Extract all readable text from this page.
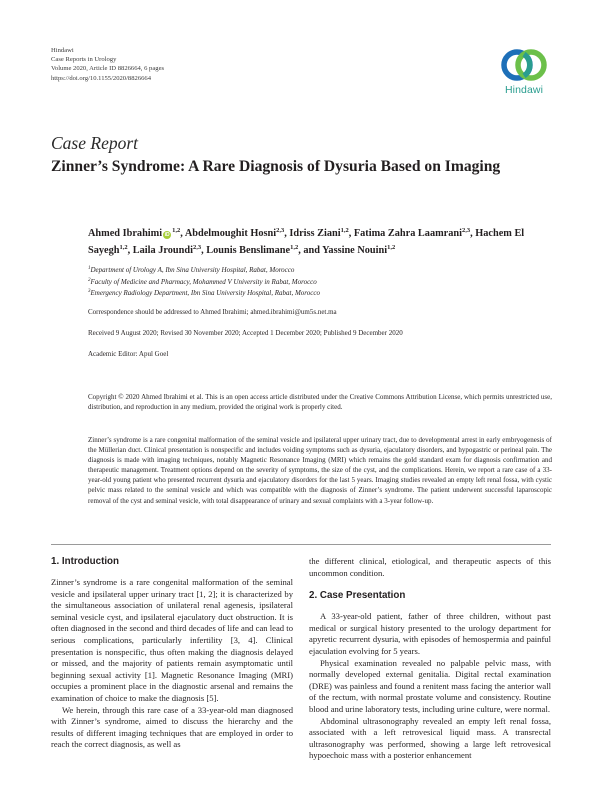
Hindawi
Case Reports in Urology
Volume 2020, Article ID 8826664, 6 pages
https://doi.org/10.1155/2020/8826664
Hindawi
Case Report
Zinner’s Syndrome: A Rare Diagnosis of Dysuria Based on Imaging
Ahmed Ibrahimi iD$^{1,2}$, Abdelmoughit Hosni$^{2,3}$, Idriss Ziani$^{1,2}$, Fatima Zahra Laamrani$^{2,3}$, Hachem El Sayegh$^{1,2}$, Laila Jroundi$^{2,3}$, Lounis Benslimane$^{1,2}$, and Yassine Nouini$^{1,2}$
$^1$Department of Urology A, Ibn Sina University Hospital, Rabat, Morocco
$^2$Faculty of Medicine and Pharmacy, Mohammed V University in Rabat, Morocco
$^3$Emergency Radiology Department, Ibn Sina University Hospital, Rabat, Morocco
Correspondence should be addressed to Ahmed Ibrahimi; ahmed.ibrahimi@um5s.net.ma
Received 9 August 2020; Revised 30 November 2020; Accepted 1 December 2020; Published 9 December 2020
Academic Editor: Apul Goel
Copyright © 2020 Ahmed Ibrahimi et al. This is an open access article distributed under the Creative Commons Attribution License, which permits unrestricted use, distribution, and reproduction in any medium, provided the original work is properly cited.
Zinner’s syndrome is a rare congenital malformation of the seminal vesicle and ipsilateral upper urinary tract, due to developmental arrest in early embryogenesis of the Müllerian duct. Clinical presentation is nonspecific and includes voiding symptoms such as dysuria, ejaculatory disorders, and hypogastric or perineal pain. The diagnosis is made with imaging techniques, notably Magnetic Resonance Imaging (MRI) which remains the gold standard exam for diagnosis confirmation and therapeutic management. Treatment options depend on the severity of symptoms, the size of the cyst, and the complications. Herein, we report a rare case of a 33-year-old young patient who presented recurrent dysuria and ejaculatory disorders for the last 5 years. Imaging studies revealed an empty left renal fossa, with cystic pelvic mass related to the seminal vesicle and which was compatible with the diagnosis of Zinner’s syndrome. The patient underwent successful laparoscopic removal of the cyst and seminal vesicle, with total disappearance of urinary and sexual complaints with a 3-year follow-up.
1. Introduction

Zinner’s syndrome is a rare congenital malformation of the seminal vesicle and ipsilateral upper urinary tract [1, 2]; it is characterized by the simultaneous association of unilateral renal agenesis, ipsilateral seminal vesicle cyst, and ipsilateral ejaculatory duct obstruction. It is often diagnosed in the second and third decades of life and can lead to serious complications, particularly infertility [3, 4]. Clinical presentation is nonspecific, thus often making the diagnosis delayed or missed, and the majority of patients remain asymptomatic until beginning sexual activity [1]. Magnetic Resonance Imaging (MRI) occupies a prominent place in the diagnostic arsenal and remains the examination of choice to make the diagnosis [5].

We herein, through this rare case of a 33-year-old man diagnosed with Zinner’s syndrome, aimed to discuss the hierarchy and the results of different imaging techniques that are employed in order to reach the correct diagnosis, as well as

the different clinical, etiological, and therapeutic aspects of this uncommon condition.

2. Case Presentation

A 33-year-old patient, father of three children, without past medical or surgical history presented to the urology department for apyretic recurrent dysuria, with episodes of hemospermia and painful ejaculation evolving for 5 years.

Physical examination revealed no palpable pelvic mass, with normally developed external genitalia. Digital rectal examination (DRE) was painless and found a renitent mass facing the anterior wall of the rectum, with normal prostate volume and consistency. Routine blood and urine laboratory tests, including urine culture, were normal.

Abdominal ultrasonography revealed an empty left renal fossa, associated with a left retrovesical liquid mass. A transrectal ultrasonography was performed, showing a large left retrovesical hypoechoic mass with a posterior enhancement
